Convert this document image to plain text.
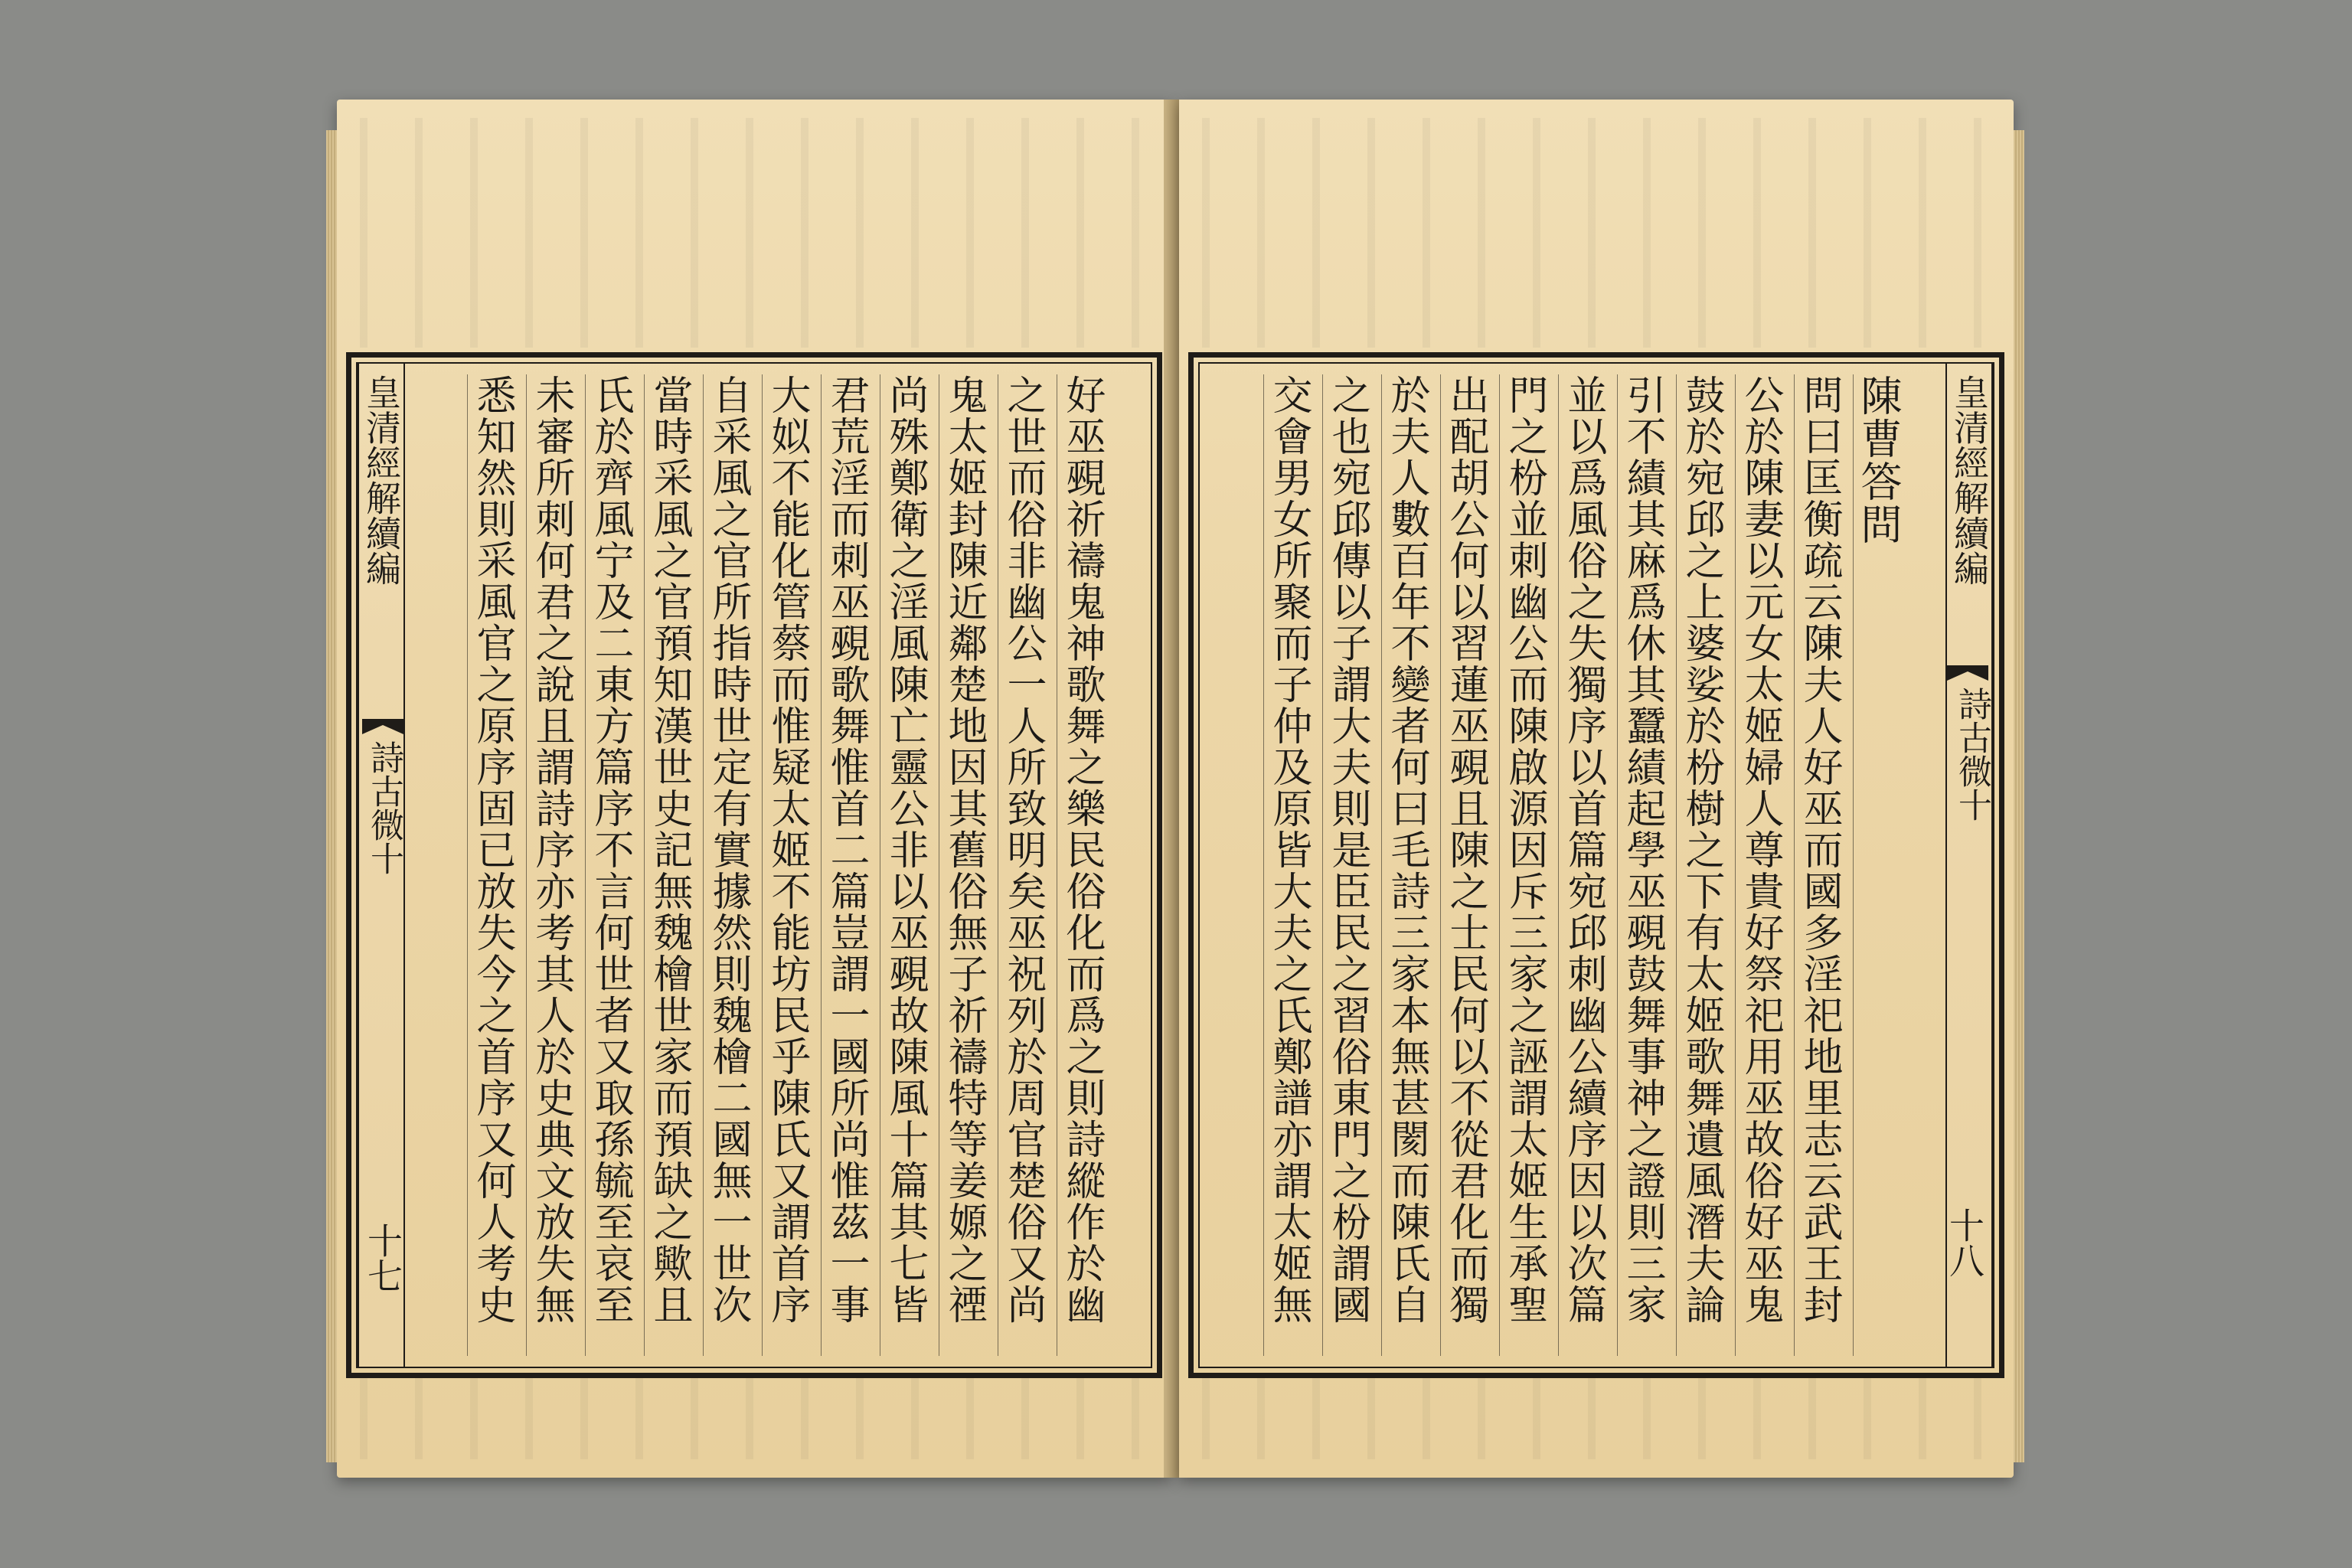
皇清經解續編
詩古微十
十七
好巫覡祈禱鬼神歌舞之樂民俗化而爲之則詩縱作於幽
之世而俗非幽公一人所致明矣巫祝列於周官楚俗又尚
鬼太姬封陳近鄰楚地因其舊俗無子祈禱特等姜嫄之禋
尚殊鄭衛之淫風陳亡靈公非以巫覡故陳風十篇其七皆
君荒淫而刺巫覡歌舞惟首二篇豈謂一國所尚惟茲一事
大姒不能化管蔡而惟疑太姬不能坊民乎陳氏又謂首序
自采風之官所指時世定有實據然則魏檜二國無一世次
當時采風之官預知漢世史記無魏檜世家而預缺之歟且
氏於齊風宁及二東方篇序不言何世者又取孫毓至哀至
未審所刺何君之說且謂詩序亦考其人於史典文放失無
悉知然則采風官之原序固已放失今之首序又何人考史
皇清經解續編
詩古微十
十八
陳曹答問
問曰匡衡疏云陳夫人好巫而國多淫祀地里志云武王封
公於陳妻以元女太姬婦人尊貴好祭祀用巫故俗好巫鬼
鼓於宛邱之上婆娑於枌樹之下有太姬歌舞遺風潛夫論
引不績其麻爲休其蠶績起學巫覡鼓舞事神之證則三家
並以爲風俗之失獨序以首篇宛邱刺幽公續序因以次篇
門之枌並刺幽公而陳啟源因斥三家之誣謂太姬生承聖
出配胡公何以習蓮巫覡且陳之士民何以不從君化而獨
於夫人數百年不變者何曰毛詩三家本無甚閡而陳氏自
之也宛邱傳以子謂大夫則是臣民之習俗東門之枌謂國
交會男女所聚而子仲及原皆大夫之氏鄭譜亦謂太姬無
